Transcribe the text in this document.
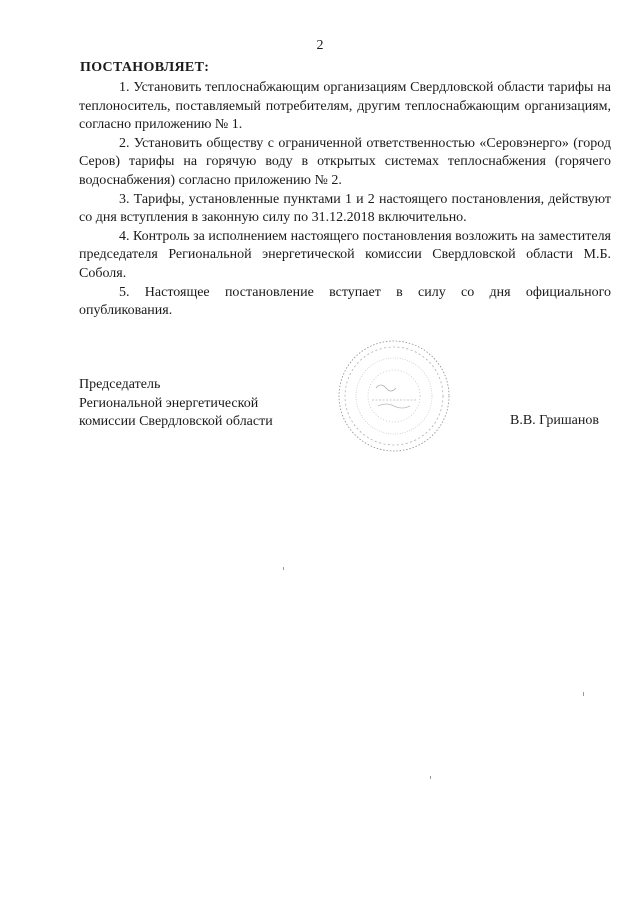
2
ПОСТАНОВЛЯЕТ:

1. Установить теплоснабжающим организациям Свердловской области тарифы на теплоноситель, поставляемый потребителям, другим теплоснабжающим организациям, согласно приложению № 1.

2. Установить обществу с ограниченной ответственностью «Серовэнерго» (город Серов) тарифы на горячую воду в открытых системах теплоснабжения (горячего водоснабжения) согласно приложению № 2.

3. Тарифы, установленные пунктами 1 и 2 настоящего постановления, действуют со дня вступления в законную силу по 31.12.2018 включительно.

4. Контроль за исполнением настоящего постановления возложить на заместителя председателя Региональной энергетической комиссии Свердловской области М.Б. Соболя.

5. Настоящее постановление вступает в силу со дня официального опубликования.

Председатель
Региональной энергетической
комиссии Свердловской области	В.В. Гришанов
